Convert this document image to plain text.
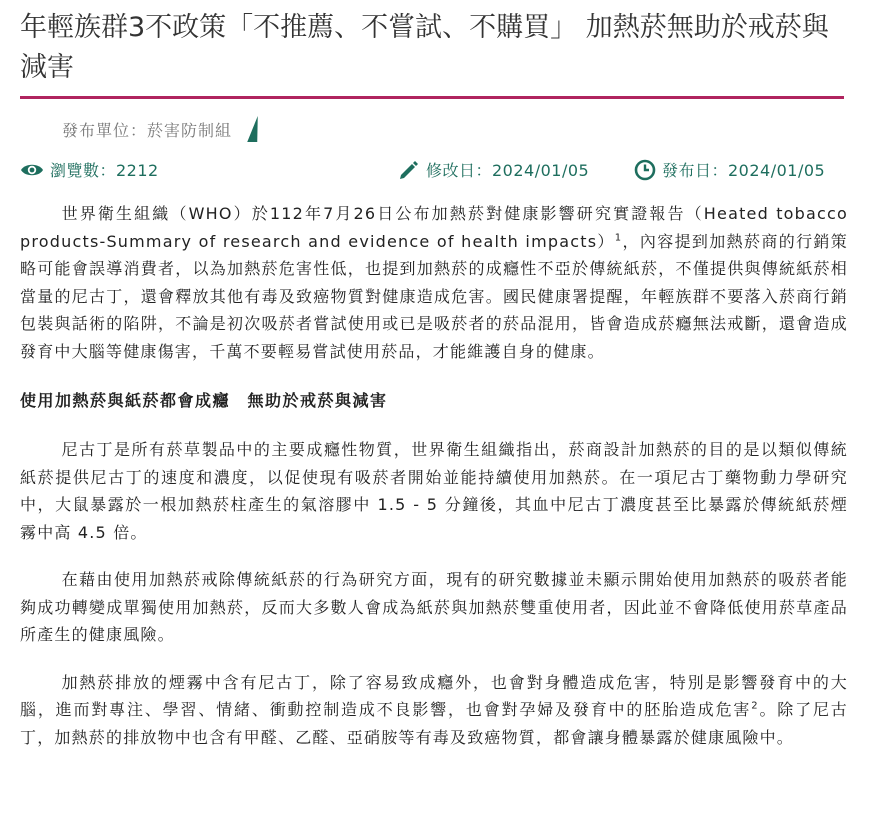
年輕族群3不政策「不推薦、不嘗試、不購買」 加熱菸無助於戒菸與減害
發布單位：菸害防制組
瀏覽數：2212	修改日：2024/01/05	發布日：2024/01/05

世界衛生組織（WHO）於112年7月26日公布加熱菸對健康影響研究實證報告（Heated tobacco products-Summary of research and evidence of health impacts）$^1$，內容提到加熱菸商的行銷策略可能會誤導消費者，以為加熱菸危害性低，也提到加熱菸的成癮性不亞於傳統紙菸，不僅提供與傳統紙菸相當量的尼古丁，還會釋放其他有毒及致癌物質對健康造成危害。國民健康署提醒，年輕族群不要落入菸商行銷包裝與話術的陷阱，不論是初次吸菸者嘗試使用或已是吸菸者的菸品混用，皆會造成菸癮無法戒斷，還會造成發育中大腦等健康傷害，千萬不要輕易嘗試使用菸品，才能維護自身的健康。

使用加熱菸與紙菸都會成癮　無助於戒菸與減害

尼古丁是所有菸草製品中的主要成癮性物質，世界衛生組織指出，菸商設計加熱菸的目的是以類似傳統紙菸提供尼古丁的速度和濃度，以促使現有吸菸者開始並能持續使用加熱菸。在一項尼古丁藥物動力學研究中，大鼠暴露於一根加熱菸柱產生的氣溶膠中 1.5 - 5 分鐘後，其血中尼古丁濃度甚至比暴露於傳統紙菸煙霧中高 4.5 倍。

在藉由使用加熱菸戒除傳統紙菸的行為研究方面，現有的研究數據並未顯示開始使用加熱菸的吸菸者能夠成功轉變成單獨使用加熱菸，反而大多數人會成為紙菸與加熱菸雙重使用者，因此並不會降低使用菸草產品所產生的健康風險。

加熱菸排放的煙霧中含有尼古丁，除了容易致成癮外，也會對身體造成危害，特別是影響發育中的大腦，進而對專注、學習、情緒、衝動控制造成不良影響，也會對孕婦及發育中的胚胎造成危害$^2$。除了尼古丁，加熱菸的排放物中也含有甲醛、乙醛、亞硝胺等有毒及致癌物質，都會讓身體暴露於健康風險中。
